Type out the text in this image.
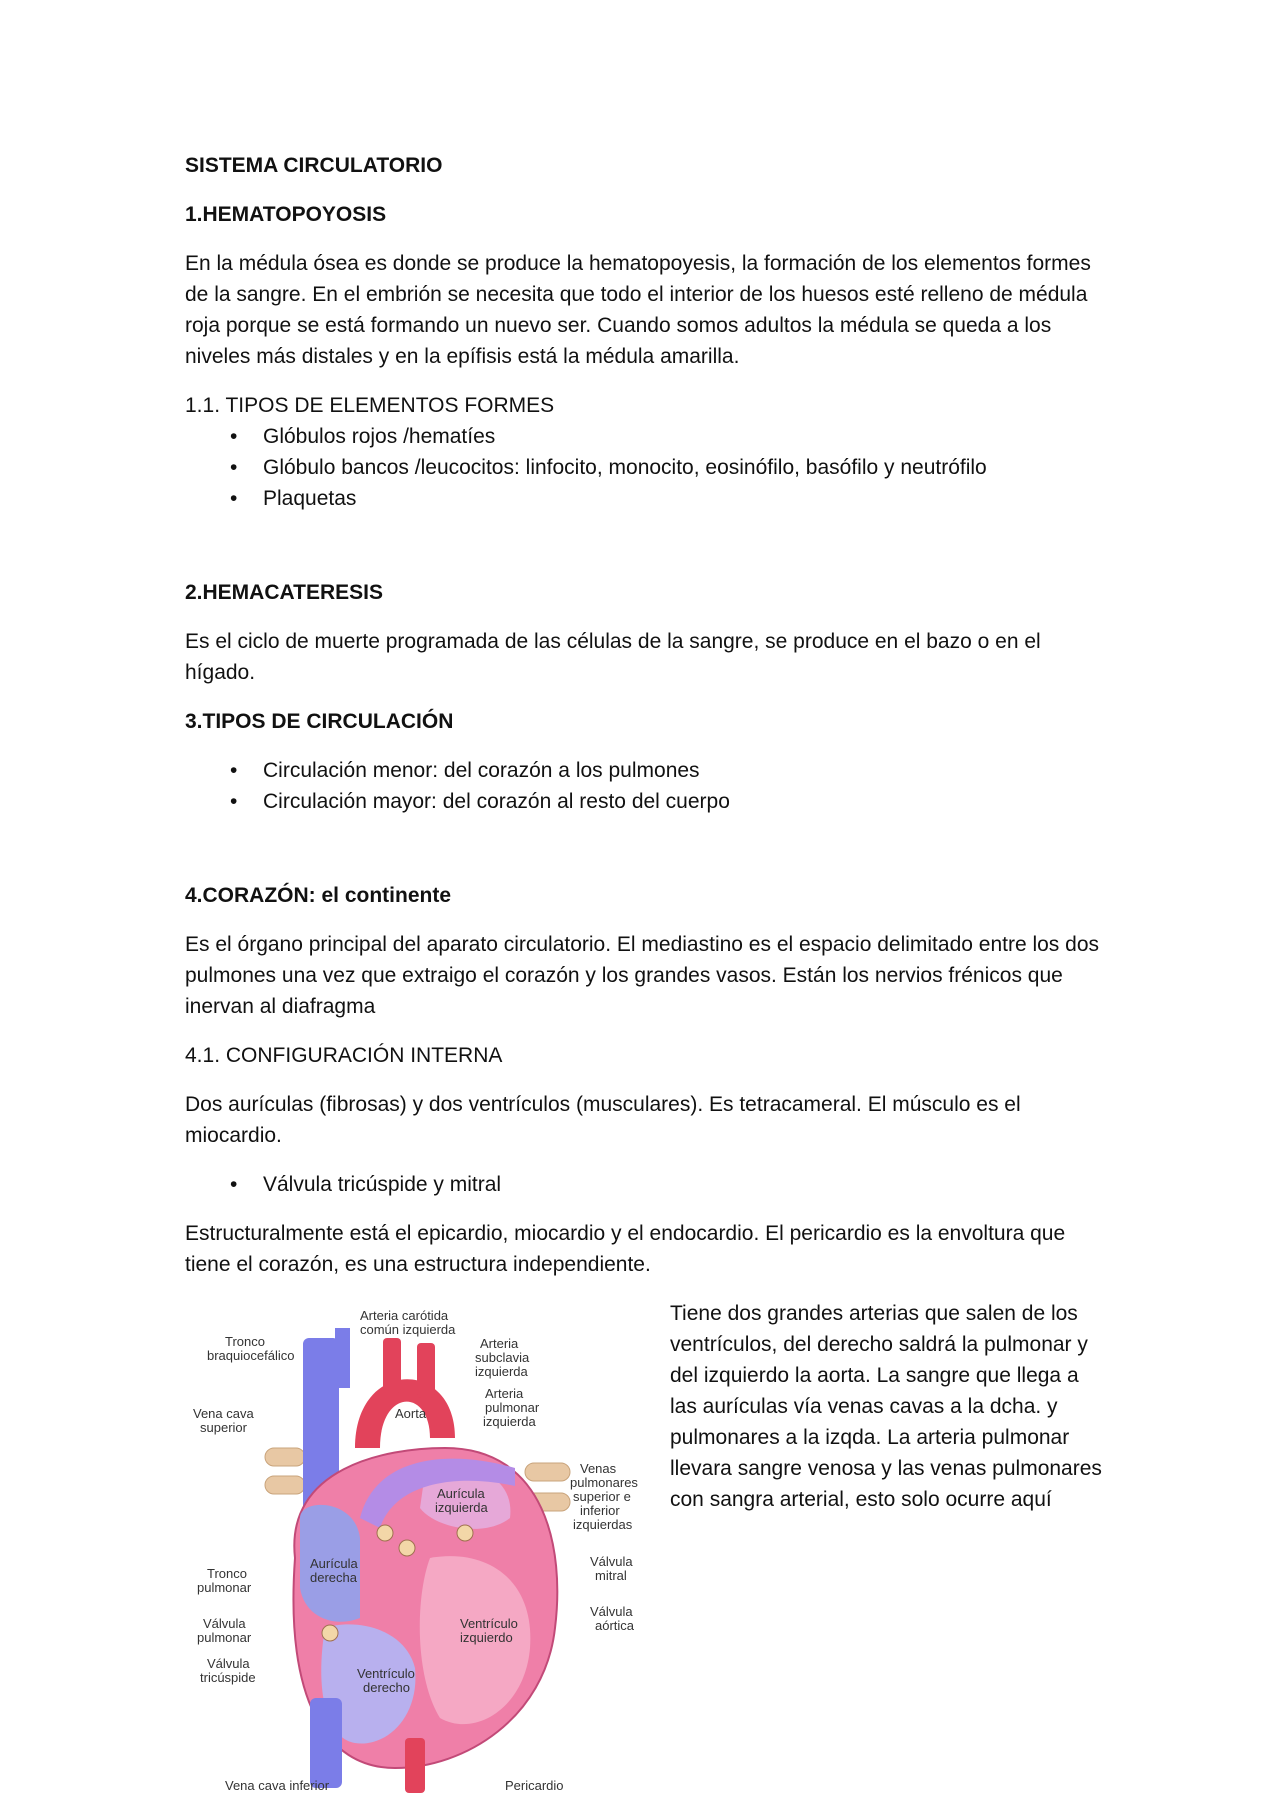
SISTEMA CIRCULATORIO
1.HEMATOPOYOSIS
En la médula ósea es donde se produce la hematopoyesis, la formación de los elementos formes de la sangre. En el embrión se necesita que todo el interior de los huesos esté relleno de médula roja porque se está formando un nuevo ser. Cuando somos adultos la médula se queda a los niveles más distales y en la epífisis está la médula amarilla.
1.1. TIPOS DE ELEMENTOS FORMES
• Glóbulos rojos /hematíes
• Glóbulo bancos /leucocitos: linfocito, monocito, eosinófilo, basófilo y neutrófilo
• Plaquetas
2.HEMACATERESIS
Es el ciclo de muerte programada de las células de la sangre, se produce en el bazo o en el hígado.
3.TIPOS DE CIRCULACIÓN
• Circulación menor: del corazón a los pulmones
• Circulación mayor: del corazón al resto del cuerpo
4.CORAZÓN: el continente
Es el órgano principal del aparato circulatorio. El mediastino es el espacio delimitado entre los dos pulmones una vez que extraigo el corazón y los grandes vasos. Están los nervios frénicos que inervan al diafragma
4.1. CONFIGURACIÓN INTERNA
Dos aurículas (fibrosas) y dos ventrículos (musculares). Es tetracameral. El músculo es el miocardio.
• Válvula tricúspide y mitral
Estructuralmente está el epicardio, miocardio y el endocardio. El pericardio es la envoltura que tiene el corazón, es una estructura independiente.
Tronco
braquiocefálico
Arteria carótida
común izquierda
Arteria
subclavia
izquierda
Arteria
pulmonar
izquierda
Vena cava
superior
Aorta
Venas
pulmonares
superior e
inferior
izquierdas
Aurícula
izquierda
Tronco
pulmonar
Aurícula
derecha
Válvula
mitral
Válvula
pulmonar
Ventrículo
izquierdo
Válvula
aórtica
Válvula
tricúspide	Ventrículo
derecho
Vena cava inferior	Pericardio
Tiene dos grandes arterias que salen de los ventrículos, del derecho saldrá la pulmonar y del izquierdo la aorta. La sangre que llega a las aurículas vía venas cavas a la dcha. y pulmonares a la izqda. La arteria pulmonar llevara sangre venosa y las venas pulmonares con sangra arterial, esto solo ocurre aquí
